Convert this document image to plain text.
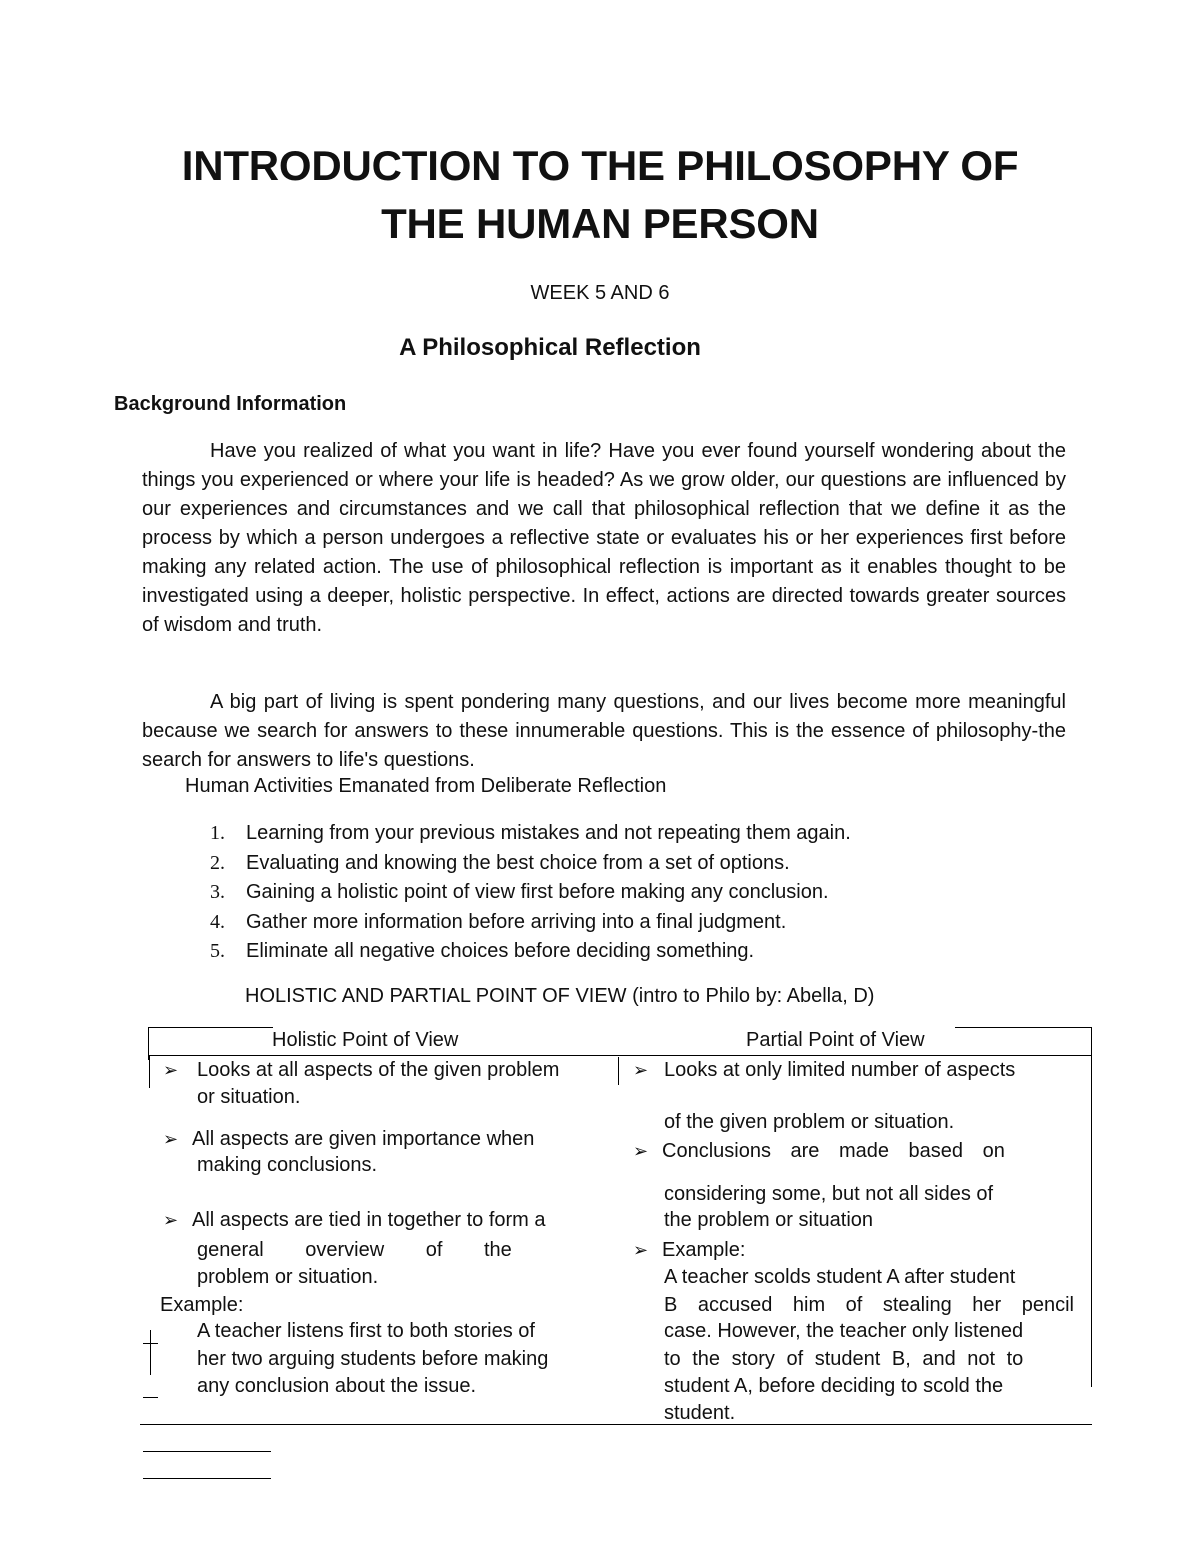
INTRODUCTION TO THE PHILOSOPHY OF
THE HUMAN PERSON
WEEK 5 AND 6
A Philosophical Reflection
Background Information

Have you realized of what you want in life? Have you ever found yourself wondering about the things you experienced or where your life is headed? As we grow older, our questions are influenced by our experiences and circumstances and we call that philosophical reflection that we define it as the process by which a person undergoes a reflective state or evaluates his or her experiences first before making any related action. The use of philosophical reflection is important as it enables thought to be investigated using a deeper, holistic perspective. In effect, actions are directed towards greater sources of wisdom and truth.

A big part of living is spent pondering many questions, and our lives become more meaningful because we search for answers to these innumerable questions. This is the essence of philosophy-the search for answers to life's questions.

Human Activities Emanated from Deliberate Reflection
1.	Learning from your previous mistakes and not repeating them again.
2.	Evaluating and knowing the best choice from a set of options.
3.	Gaining a holistic point of view first before making any conclusion.
4.	Gather more information before arriving into a final judgment.
5.	Eliminate all negative choices before deciding something.
HOLISTIC AND PARTIAL POINT OF VIEW (intro to Philo by: Abella, D)
Holistic Point of View	Partial Point of View
➢ Looks at all aspects of the given problem
or situation.
➢ All aspects are given importance when
making conclusions.
➢ All aspects are tied in together to form a
general overview of the
problem or situation.
Example:
A teacher listens first to both stories of
her two arguing students before making
any conclusion about the issue.
➢ Looks at only limited number of aspects
of the given problem or situation.
➢ Conclusions are made based on
considering some, but not all sides of
the problem or situation
➢ Example:
A teacher scolds student A after student
B accused him of stealing her pencil
case. However, the teacher only listened
to the story of student B, and not to
student A, before deciding to scold the
student.
